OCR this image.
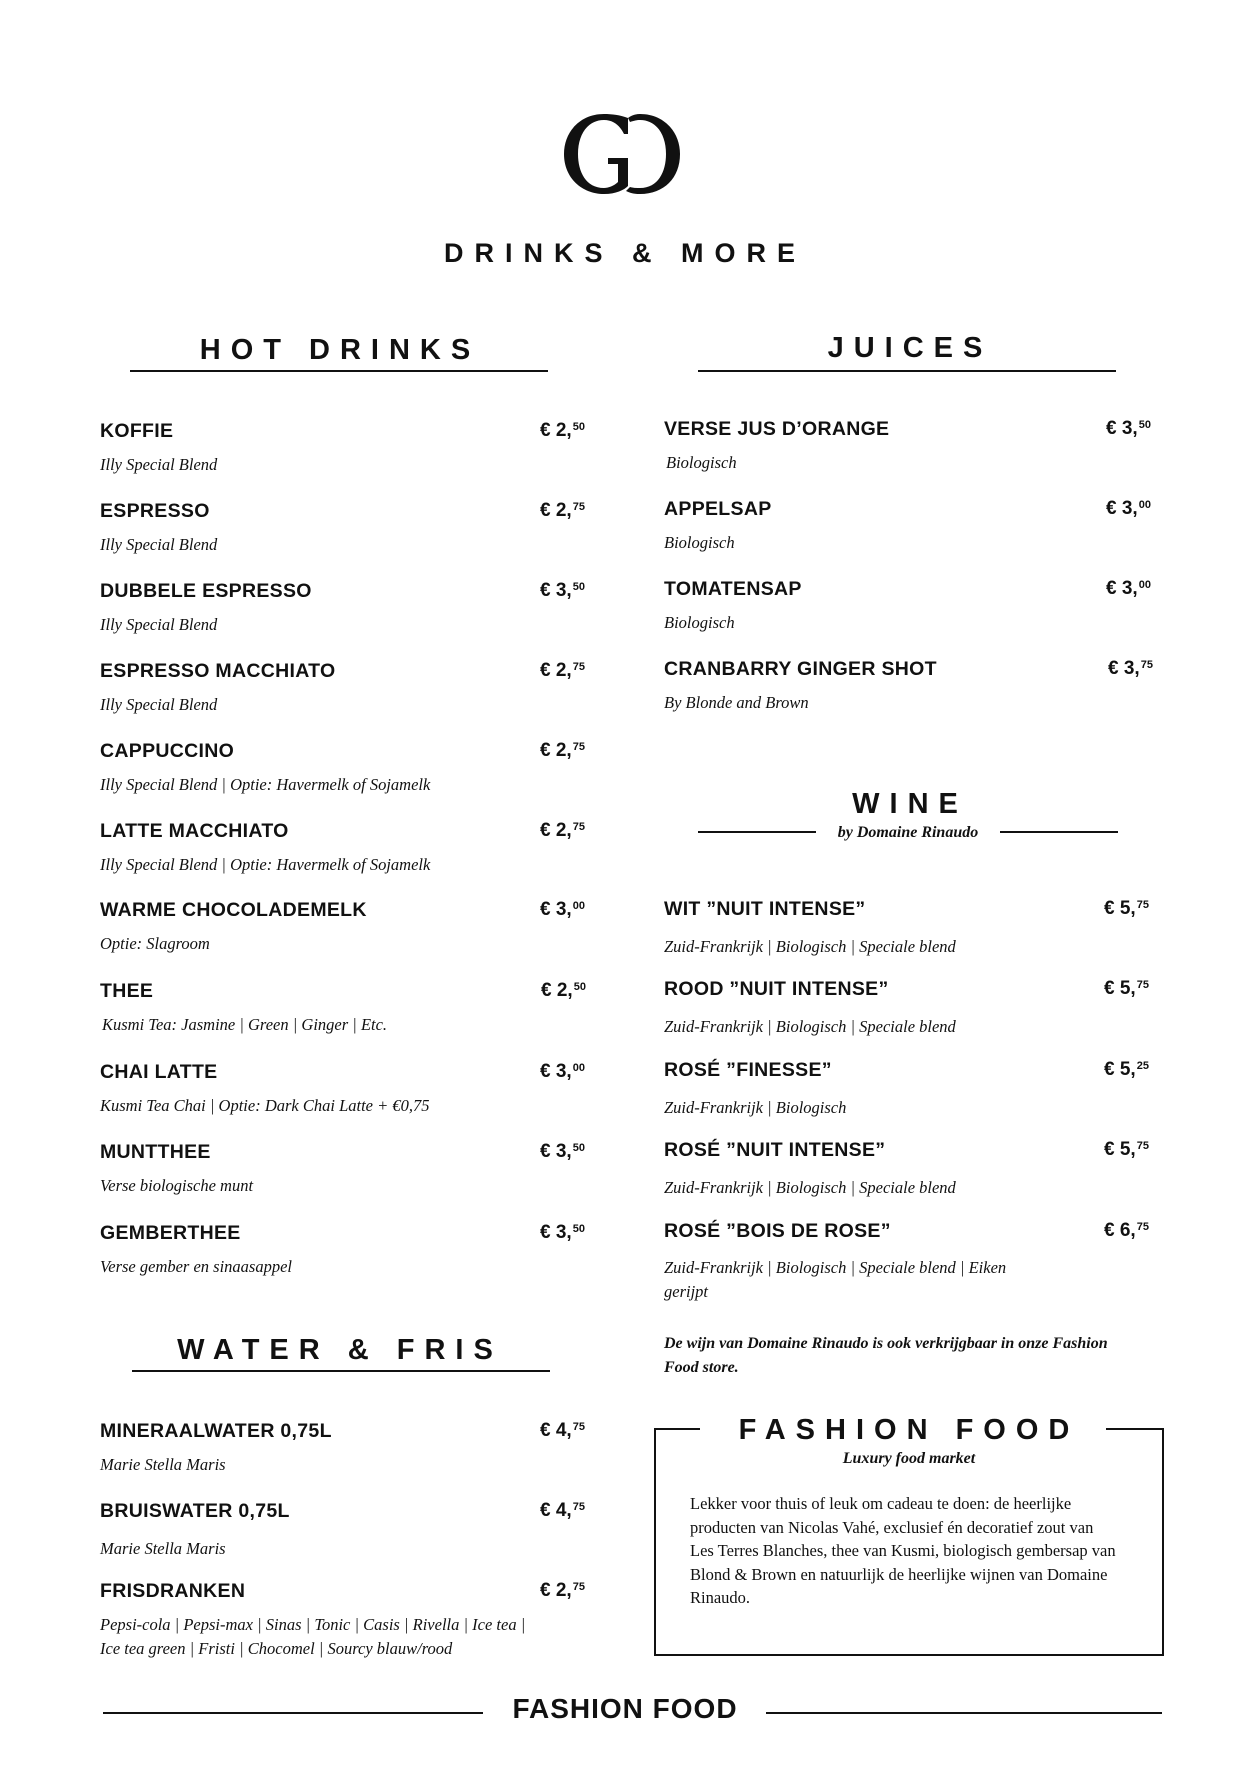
DRINKS & MORE
HOT DRINKS
KOFFIE	€ 2,50
Illy Special Blend
ESPRESSO	€ 2,75
Illy Special Blend
DUBBELE ESPRESSO	€ 3,50
Illy Special Blend
ESPRESSO MACCHIATO	€ 2,75
Illy Special Blend
CAPPUCCINO	€ 2,75
Illy Special Blend | Optie: Havermelk of Sojamelk
LATTE MACCHIATO	€ 2,75
Illy Special Blend | Optie: Havermelk of Sojamelk
WARME CHOCOLADEMELK	€ 3,00
Optie: Slagroom
THEE	€ 2,50
Kusmi Tea: Jasmine | Green | Ginger | Etc.
CHAI LATTE	€ 3,00
Kusmi Tea Chai | Optie: Dark Chai Latte + €0,75
MUNTTHEE	€ 3,50
Verse biologische munt
GEMBERTHEE	€ 3,50
Verse gember en sinaasappel
MINERAALWATER 0,75L	€ 4,75
Marie Stella Maris
BRUISWATER 0,75L	€ 4,75
Marie Stella Maris
FRISDRANKEN	€ 2,75
Pepsi-cola | Pepsi-max | Sinas | Tonic | Casis | Rivella | Ice tea |
Ice tea green | Fristi | Chocomel | Sourcy blauw/rood
WATER & FRIS
JUICES
WINE
by Domaine Rinaudo
VERSE JUS D’ORANGE	€ 3,50
Biologisch
APPELSAP	€ 3,00
Biologisch
TOMATENSAP	€ 3,00
Biologisch
CRANBARRY GINGER SHOT	€ 3,75
By Blonde and Brown
WIT ”NUIT INTENSE”	€ 5,75
Zuid-Frankrijk | Biologisch | Speciale blend
ROOD ”NUIT INTENSE”	€ 5,75
Zuid-Frankrijk | Biologisch | Speciale blend
ROSÉ ”FINESSE”	€ 5,25
Zuid-Frankrijk | Biologisch
ROSÉ ”NUIT INTENSE”	€ 5,75
Zuid-Frankrijk | Biologisch | Speciale blend
ROSÉ ”BOIS DE ROSE”	€ 6,75
Zuid-Frankrijk | Biologisch | Speciale blend | Eiken
gerijpt
De wijn van Domaine Rinaudo is ook verkrijgbaar in onze Fashion
Food store.
FASHION FOOD
Luxury food market
Lekker voor thuis of leuk om cadeau te doen: de heerlijke
producten van Nicolas Vahé, exclusief én decoratief zout van
Les Terres Blanches, thee van Kusmi, biologisch gembersap van
Blond & Brown en natuurlijk de heerlijke wijnen van Domaine
Rinaudo.
FASHION FOOD
